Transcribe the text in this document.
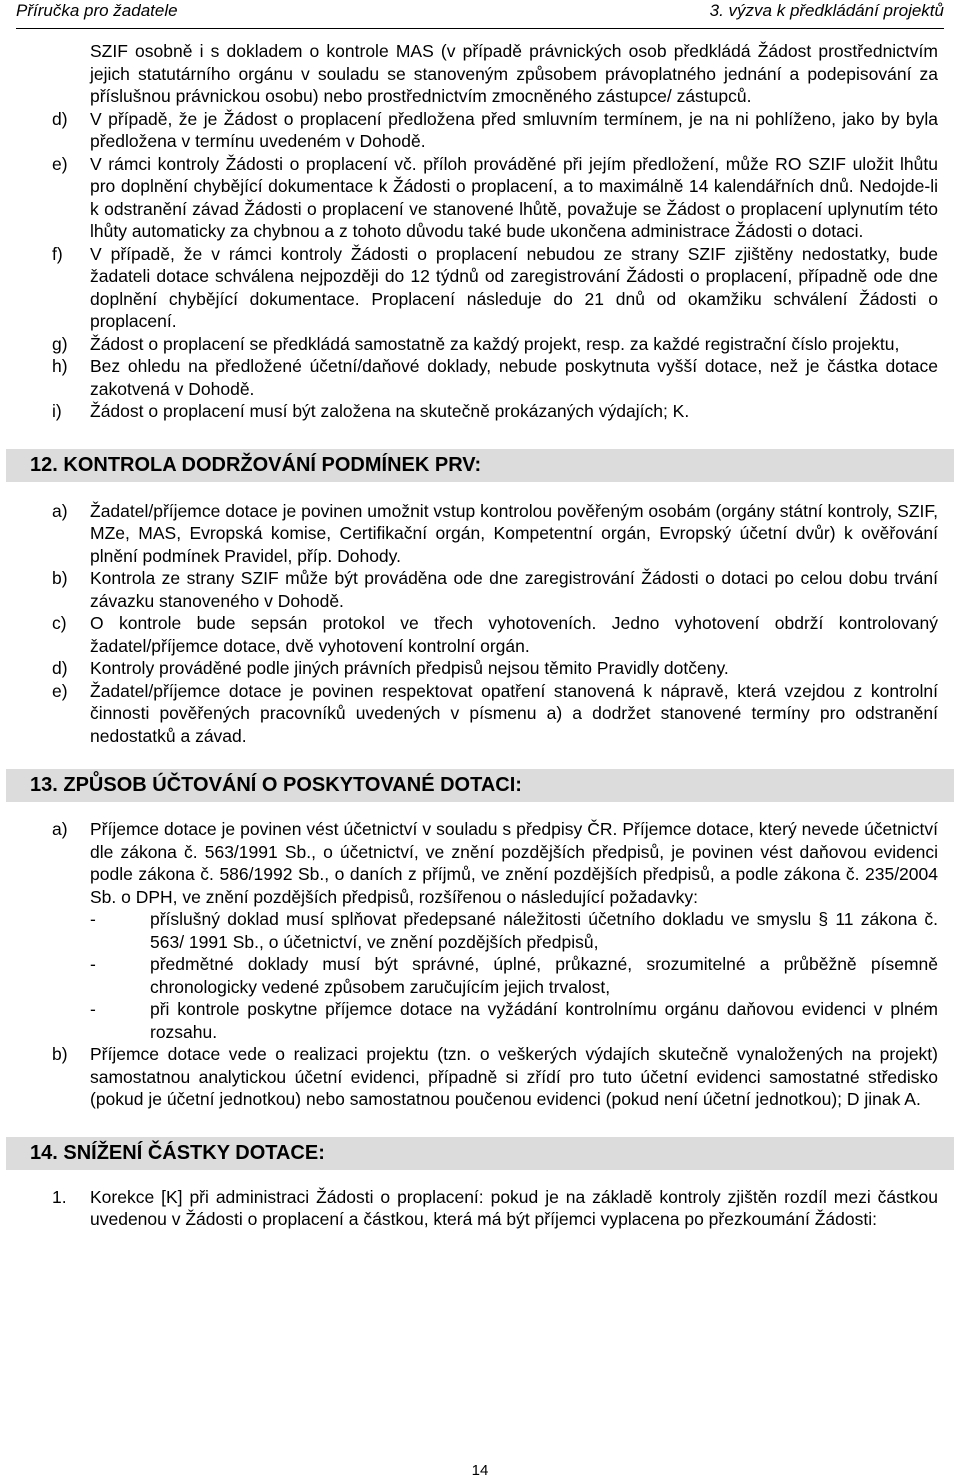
Příručka pro žadatele	3. výzva k předkládání projektů

SZIF osobně i s dokladem o kontrole MAS (v případě právnických osob předkládá Žádost prostřednictvím jejich statutárního orgánu v souladu se stanoveným způsobem právoplatného jednání a podepisování za příslušnou právnickou osobu) nebo prostřednictvím zmocněného zástupce/ zástupců.

d) V případě, že je Žádost o proplacení předložena před smluvním termínem, je na ni pohlíženo, jako by byla předložena v termínu uvedeném v Dohodě.
e) V rámci kontroly Žádosti o proplacení vč. příloh prováděné při jejím předložení, může RO SZIF uložit lhůtu pro doplnění chybějící dokumentace k Žádosti o proplacení, a to maximálně 14 kalendářních dnů. Nedojde-li k odstranění závad Žádosti o proplacení ve stanovené lhůtě, považuje se Žádost o proplacení uplynutím této lhůty automaticky za chybnou a z tohoto důvodu také bude ukončena administrace Žádosti o dotaci.
f) V případě, že v rámci kontroly Žádosti o proplacení nebudou ze strany SZIF zjištěny nedostatky, bude žadateli dotace schválena nejpozději do 12 týdnů od zaregistrování Žádosti o proplacení, případně ode dne doplnění chybějící dokumentace. Proplacení následuje do 21 dnů od okamžiku schválení Žádosti o proplacení.
g) Žádost o proplacení se předkládá samostatně za každý projekt, resp. za každé registrační číslo projektu,
h) Bez ohledu na předložené účetní/daňové doklady, nebude poskytnuta vyšší dotace, než je částka dotace zakotvená v Dohodě.
i) Žádost o proplacení musí být založena na skutečně prokázaných výdajích; K.
12. KONTROLA DODRŽOVÁNÍ PODMÍNEK PRV:
a) Žadatel/příjemce dotace je povinen umožnit vstup kontrolou pověřeným osobám (orgány státní kontroly, SZIF, MZe, MAS, Evropská komise, Certifikační orgán, Kompetentní orgán, Evropský účetní dvůr) k ověřování plnění podmínek Pravidel, příp. Dohody.
b) Kontrola ze strany SZIF může být prováděna ode dne zaregistrování Žádosti o dotaci po celou dobu trvání závazku stanoveného v Dohodě.
c) O kontrole bude sepsán protokol ve třech vyhotoveních. Jedno vyhotovení obdrží kontrolovaný žadatel/příjemce dotace, dvě vyhotovení kontrolní orgán.
d) Kontroly prováděné podle jiných právních předpisů nejsou těmito Pravidly dotčeny.
e) Žadatel/příjemce dotace je povinen respektovat opatření stanovená k nápravě, která vzejdou z kontrolní činnosti pověřených pracovníků uvedených v písmenu a) a dodržet stanovené termíny pro odstranění nedostatků a závad.
13. ZPŮSOB ÚČTOVÁNÍ O POSKYTOVANÉ DOTACI:
a) Příjemce dotace je povinen vést účetnictví v souladu s předpisy ČR. Příjemce dotace, který nevede účetnictví dle zákona č. 563/1991 Sb., o účetnictví, ve znění pozdějších předpisů, je povinen vést daňovou evidenci podle zákona č. 586/1992 Sb., o daních z příjmů, ve znění pozdějších předpisů, a podle zákona č. 235/2004 Sb. o DPH, ve znění pozdějších předpisů, rozšířenou o následující požadavky:
-	příslušný doklad musí splňovat předepsané náležitosti účetního dokladu ve smyslu § 11 zákona č. 563/ 1991 Sb., o účetnictví, ve znění pozdějších předpisů,
-	předmětné doklady musí být správné, úplné, průkazné, srozumitelné a průběžně písemně chronologicky vedené způsobem zaručujícím jejich trvalost,
-	při kontrole poskytne příjemce dotace na vyžádání kontrolnímu orgánu daňovou evidenci v plném rozsahu.
b) Příjemce dotace vede o realizaci projektu (tzn. o veškerých výdajích skutečně vynaložených na projekt) samostatnou analytickou účetní evidenci, případně si zřídí pro tuto účetní evidenci samostatné středisko (pokud je účetní jednotkou) nebo samostatnou poučenou evidenci (pokud není účetní jednotkou); D jinak A.
14. SNÍŽENÍ ČÁSTKY DOTACE:
1. Korekce [K] při administraci Žádosti o proplacení: pokud je na základě kontroly zjištěn rozdíl mezi částkou uvedenou v Žádosti o proplacení a částkou, která má být příjemci vyplacena po přezkoumání Žádosti:
14
